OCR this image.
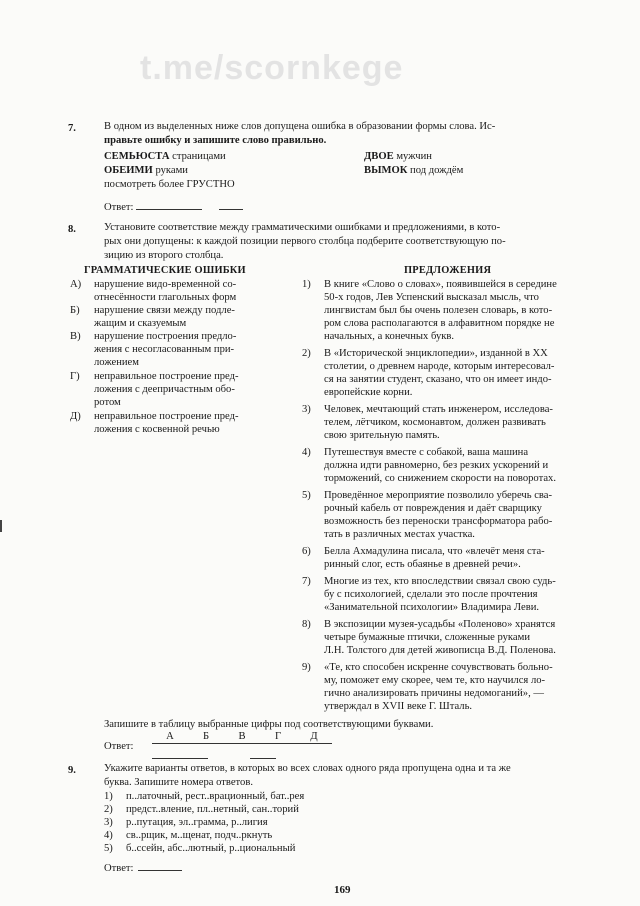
t.me/scornkege
7.	В одном из выделенных ниже слов допущена ошибка в образовании формы слова. Ис-
правьте ошибку и запишите слово правильно.
СЕМЬЮСТА страницами
ОБЕИМИ руками
посмотреть более ГРУСТНО
ДВОЕ мужчин
ВЫМОК под дождём
Ответ:
8.	Установите соответствие между грамматическими ошибками и предложениями, в кото-
рых они допущены: к каждой позиции первого столбца подберите соответствующую по-
зицию из второго столбца.
ГРАММАТИЧЕСКИЕ ОШИБКИ	ПРЕДЛОЖЕНИЯ
А) нарушение видо-временной со-
отнесённости глагольных форм
Б) нарушение связи между подле-
жащим и сказуемым
В) нарушение построения предло-
жения с несогласованным при-
ложением
Г) неправильное построение пред-
ложения с деепричастным обо-
ротом
Д) неправильное построение пред-
ложения с косвенной речью
1) В книге «Слово о словах», появившейся в середине
50-х годов, Лев Успенский высказал мысль, что
лингвистам был бы очень полезен словарь, в кото-
ром слова располагаются в алфавитном порядке не
начальных, а конечных букв.
2) В «Исторической энциклопедии», изданной в XX
столетии, о древнем народе, которым интересовал-
ся на занятии студент, сказано, что он имеет индо-
европейские корни.
3) Человек, мечтающий стать инженером, исследова-
телем, лётчиком, космонавтом, должен развивать
свою зрительную память.
4) Путешествуя вместе с собакой, ваша машина
должна идти равномерно, без резких ускорений и
торможений, со снижением скорости на поворотах.
5) Проведённое мероприятие позволило уберечь сва-
рочный кабель от повреждения и даёт сварщику
возможность без переноски трансформатора рабо-
тать в различных местах участка.
6) Белла Ахмадулина писала, что «влечёт меня ста-
ринный слог, есть обаянье в древней речи».
7) Многие из тех, кто впоследствии связал свою судь-
бу с психологией, сделали это после прочтения
«Занимательной психологии» Владимира Леви.
8) В экспозиции музея-усадьбы «Поленово» хранятся
четыре бумажные птички, сложенные руками
Л.Н. Толстого для детей живописца В.Д. Поленова.
9) «Те, кто способен искренне сочувствовать больно-
му, поможет ему скорее, чем те, кто научился ло-
гично анализировать причины недомоганий», —
утверждал в XVII веке Г. Шталь.
Запишите в таблицу выбранные цифры под соответствующими буквами.
Ответ:
А	Б	В	Г	Д
9.	Укажите варианты ответов, в которых во всех словах одного ряда пропущена одна и та же
буква. Запишите номера ответов.
1) п..латочный, рест..врационный, бат..рея
2) предст..вление, пл..нетный, сан..торий
3) р..путация, эл..грамма, р..лигия
4) св..рщик, м..щенат, подч..ркнуть
5) б..ссейн, абс..лютный, р..циональный
169
Ответ:
